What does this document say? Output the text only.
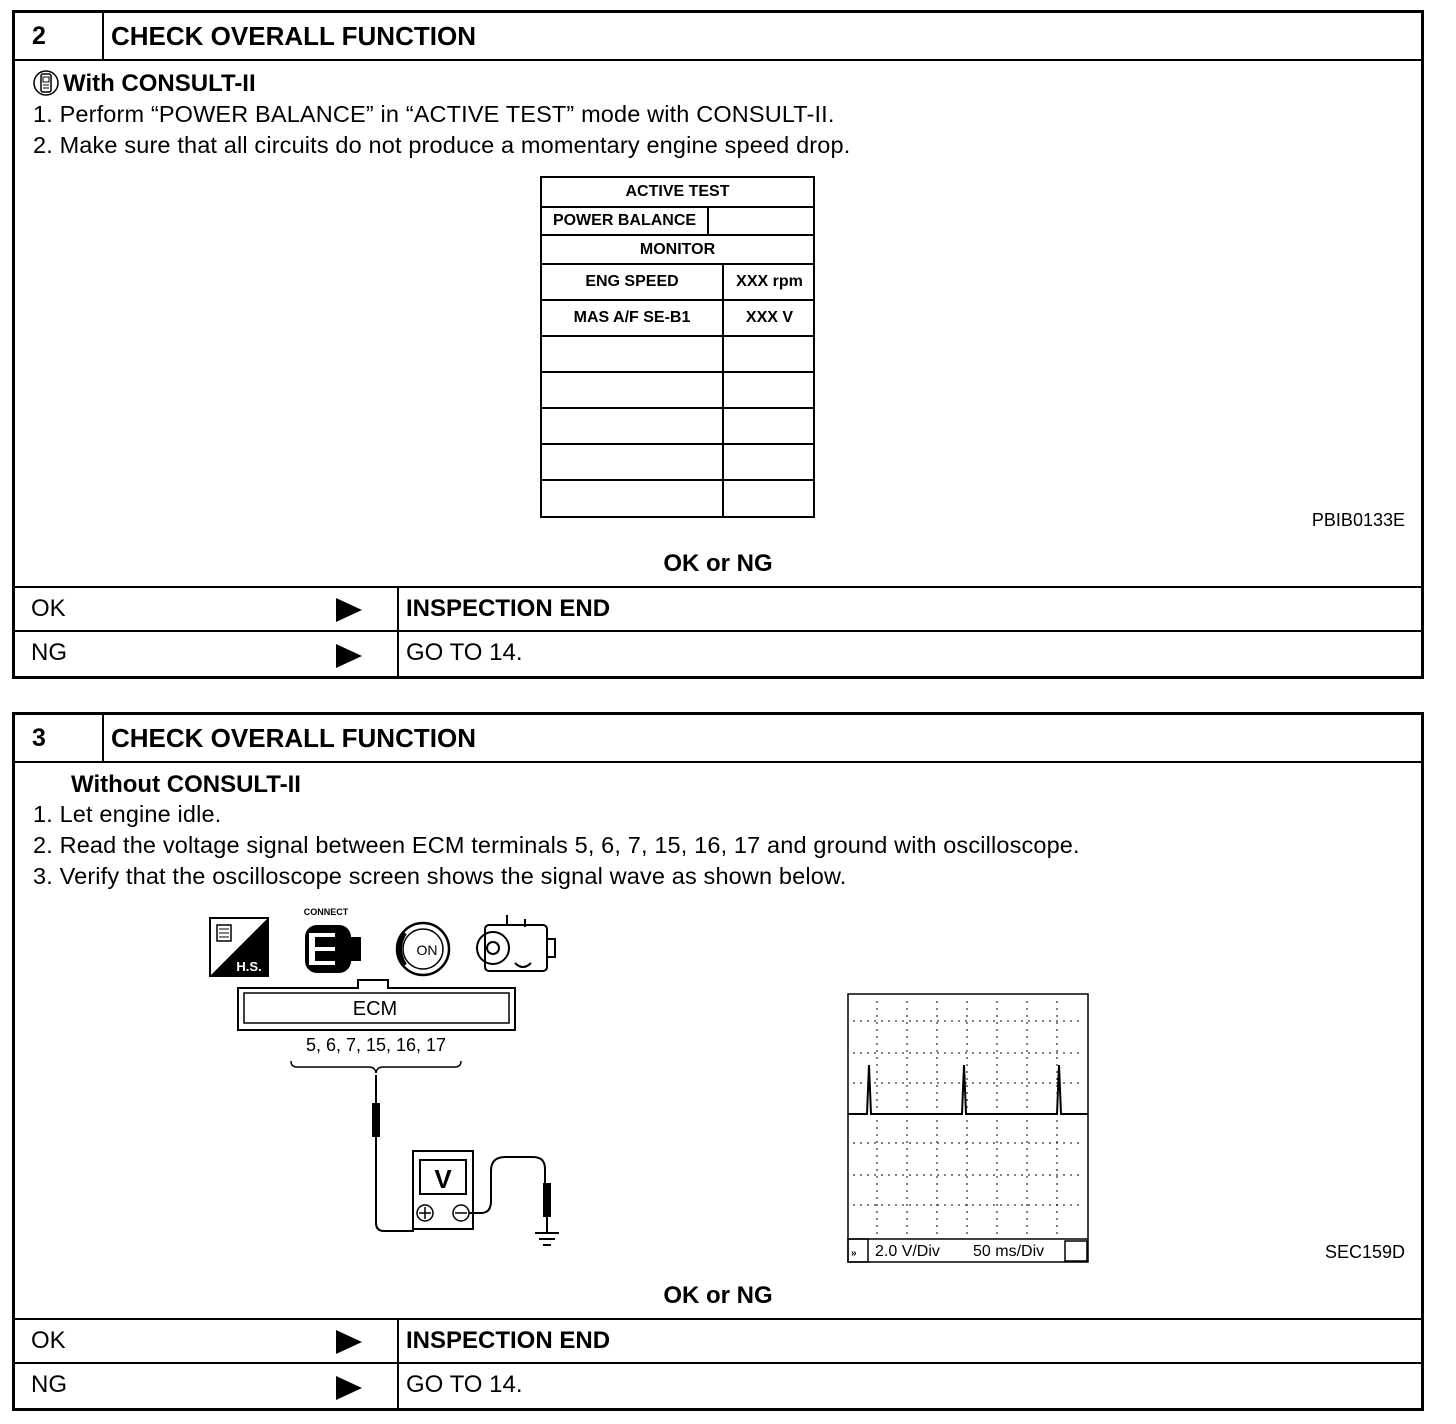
2	CHECK OVERALL FUNCTION
With CONSULT-II
1. Perform “POWER BALANCE” in “ACTIVE TEST” mode with CONSULT-II.
2. Make sure that all circuits do not produce a momentary engine speed drop.
ACTIVE TEST
POWER BALANCE
MONITOR
ENG SPEED	XXX rpm
MAS A/F SE-B1	XXX V
PBIB0133E
OK or NG
OK	INSPECTION END
NG	GO TO 14.
3	CHECK OVERALL FUNCTION
Without CONSULT-II
1. Let engine idle.
2. Read the voltage signal between ECM terminals 5, 6, 7, 15, 16, 17 and ground with oscilloscope.
3. Verify that the oscilloscope screen shows the signal wave as shown below.
H.S.
CONNECT
ON
ECM
5, 6, 7, 15, 16, 17
V
» 2.0 V/Div 50 ms/Div	SEC159D
OK or NG
OK	INSPECTION END
NG	GO TO 14.
